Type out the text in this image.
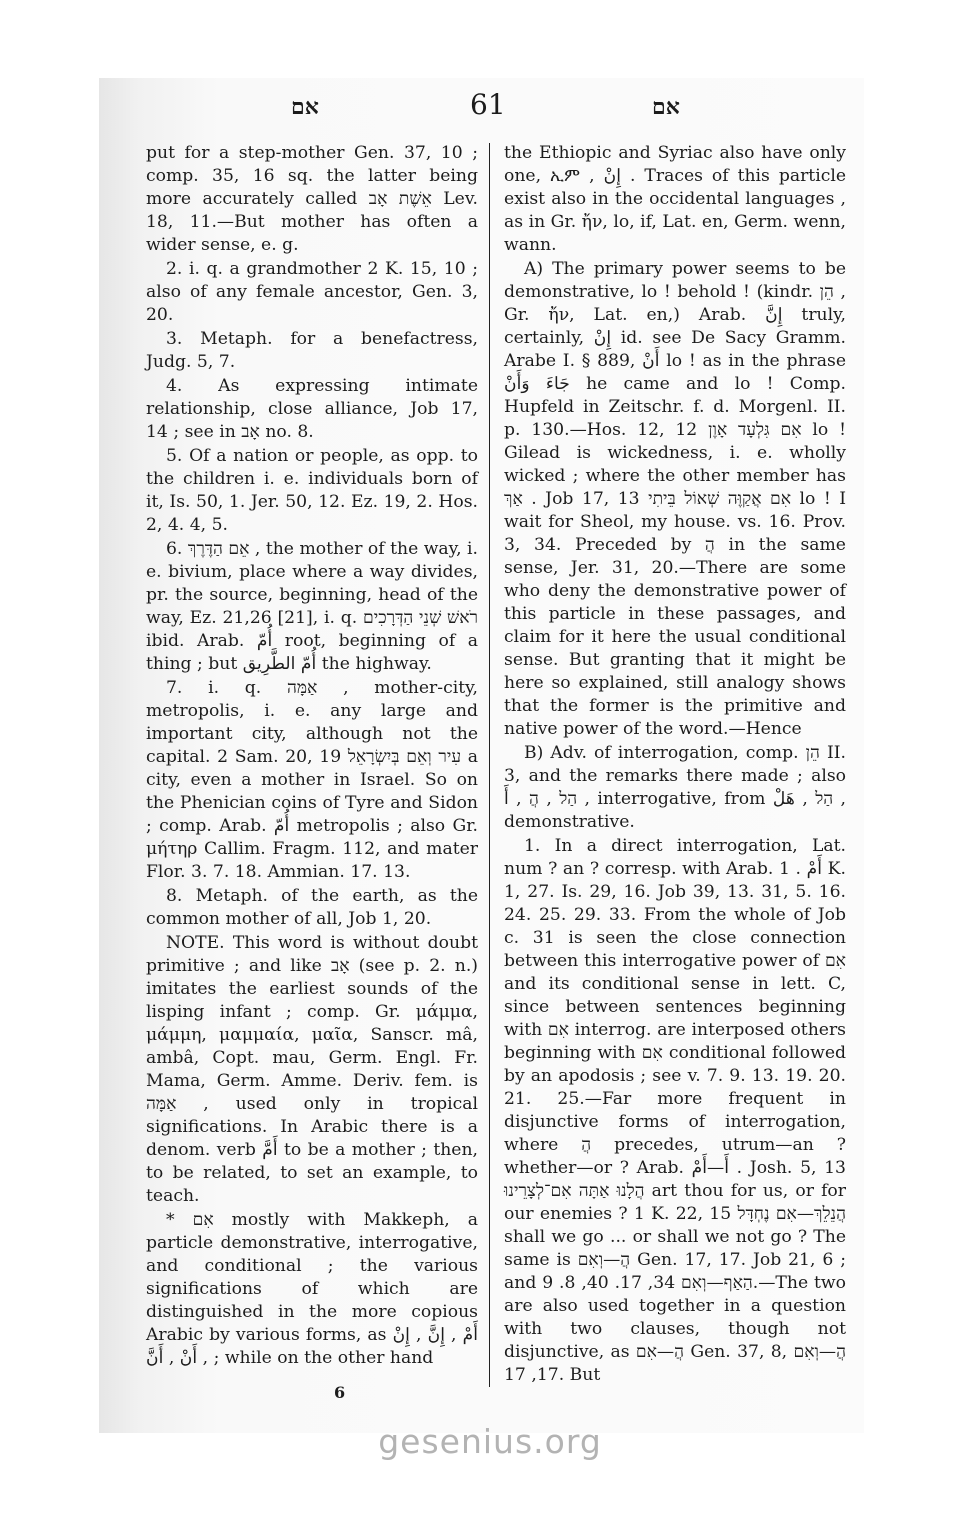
אם	61	אם

put for a step-mother Gen. 37, 10 ; comp. 35, 16 sq. the latter being more accurately called אֵשֶׁת אָב Lev. 18, 11.—But mother has often a wider sense, e. g.

2. i. q. a grandmother 2 K. 15, 10 ; also of any female ancestor, Gen. 3, 20.

3. Metaph. for a benefactress, Judg. 5, 7.

4. As expressing intimate relationship, close alliance, Job 17, 14 ; see in אָב no. 8.

5. Of a nation or people, as opp. to the children i. e. individuals born of it, Is. 50, 1. Jer. 50, 12. Ez. 19, 2. Hos. 2, 4. 4, 5.

6. אֵם הַדֶּרֶךְ , the mother of the way, i. e. bivium, place where a way divides, pr. the source, beginning, head of the way, Ez. 21,26 [21], i. q. רֹאשׁ שְׁנֵי הַדְּרָכִים ibid. Arab. أُمّ root, beginning of a thing ; but أُمّ الطَّرِيق the highway.

7. i. q. אַמָּה , mother-city, metropolis, i. e. any large and important city, although not the capital. 2 Sam. 20, 19 עִיר וְאֵם בְּיִשְׂרָאֵל a city, even a mother in Israel. So on the Phenician coins of Tyre and Sidon ; comp. Arab. أُمّ metropolis ; also Gr. μήτηρ Callim. Fragm. 112, and mater Flor. 3. 7. 18. Ammian. 17. 13.

8. Metaph. of the earth, as the common mother of all, Job 1, 20.

NOTE. This word is without doubt primitive ; and like אָב (see p. 2. n.) imitates the earliest sounds of the lisping infant ; comp. Gr. μάμμα, μάμμη, μαμμαία, μαῖα, Sanscr. mâ, ambâ, Copt. mau, Germ. Engl. Fr. Mama, Germ. Amme. Deriv. fem. is אַמָּה , used only in tropical significations. In Arabic there is a denom. verb أَمَّ to be a mother ; then, to be related, to set an example, to teach.

* אִם mostly with Makkeph, a particle demonstrative, interrogative, and conditional ; the various significations of which are distinguished in the more copious Arabic by various forms, as أَمْ , إِنَّ , إِنْ , أَنْ , أَنَّ ; while on the other hand

the Ethiopic and Syriac also have only one, ኢም , إِنْ . Traces of this particle exist also in the occidental languages , as in Gr. ἤν, lo, if, Lat. en, Germ. wenn, wann.

A) The primary power seems to be demonstrative, lo ! behold ! (kindr. הֵן , Gr. ἤν, Lat. en,) Arab. إِنَّ truly, certainly, إِنْ id. see De Sacy Gramm. Arabe I. § 889, أَنْ lo ! as in the phrase جَاءَ وَأَنْ he came and lo ! Comp. Hupfeld in Zeitschr. f. d. Morgenl. II. p. 130.—Hos. 12, 12 אִם גִּלְעָד אָוֶן lo ! Gilead is wickedness, i. e. wholly wicked ; where the other member has אַךְ . Job 17, 13 אִם אֲקַוֶּה שְׁאוֹל בֵּיתִי lo ! I wait for Sheol, my house. vs. 16. Prov. 3, 34. Preceded by הֲ in the same sense, Jer. 31, 20.—There are some who deny the demonstrative power of this particle in these passages, and claim for it here the usual conditional sense. But granting that it might be here so explained, still analogy shows that the former is the primitive and native power of the word.—Hence

B) Adv. of interrogation, comp. הֵן II. 3, and the remarks there made ; also הַל , הֲ , أَ , interrogative, from הַל , هَلْ , demonstrative.

1. In a direct interrogation, Lat. num ? an ? corresp. with Arab. أَمْ . 1 K. 1, 27. Is. 29, 16. Job 39, 13. 31, 5. 16. 24. 25. 29. 33. From the whole of Job c. 31 is seen the close connection between this interrogative power of אִם and its conditional sense in lett. C, since between sentences beginning with אִם interrog. are interposed others beginning with אִם conditional followed by an apodosis ; see v. 7. 9. 13. 19. 20. 21. 25.—Far more frequent in disjunctive forms of interrogation, where הֲ precedes, utrum—an ? whether—or ? Arab. أَ—أَمْ . Josh. 5, 13 הֲלָנוּ אַתָּה אִם־לְצָרֵינוּ art thou for us, or for our enemies ? 1 K. 22, 15 הֲנֵלֵךְ—אִם נֶחְדָּל shall we go ... or shall we not go ? The same is הֲ—וְאִם Gen. 17, 17. Job 21, 6 ; and הַאַף—וְאִם 34, 17. 40, 8. 9.—The two are also used together in a question with two clauses, though not disjunctive, as הֲ—אִם Gen. 37, 8, הֲ—וְאִם 17, 17. But

6
gesenius.org
